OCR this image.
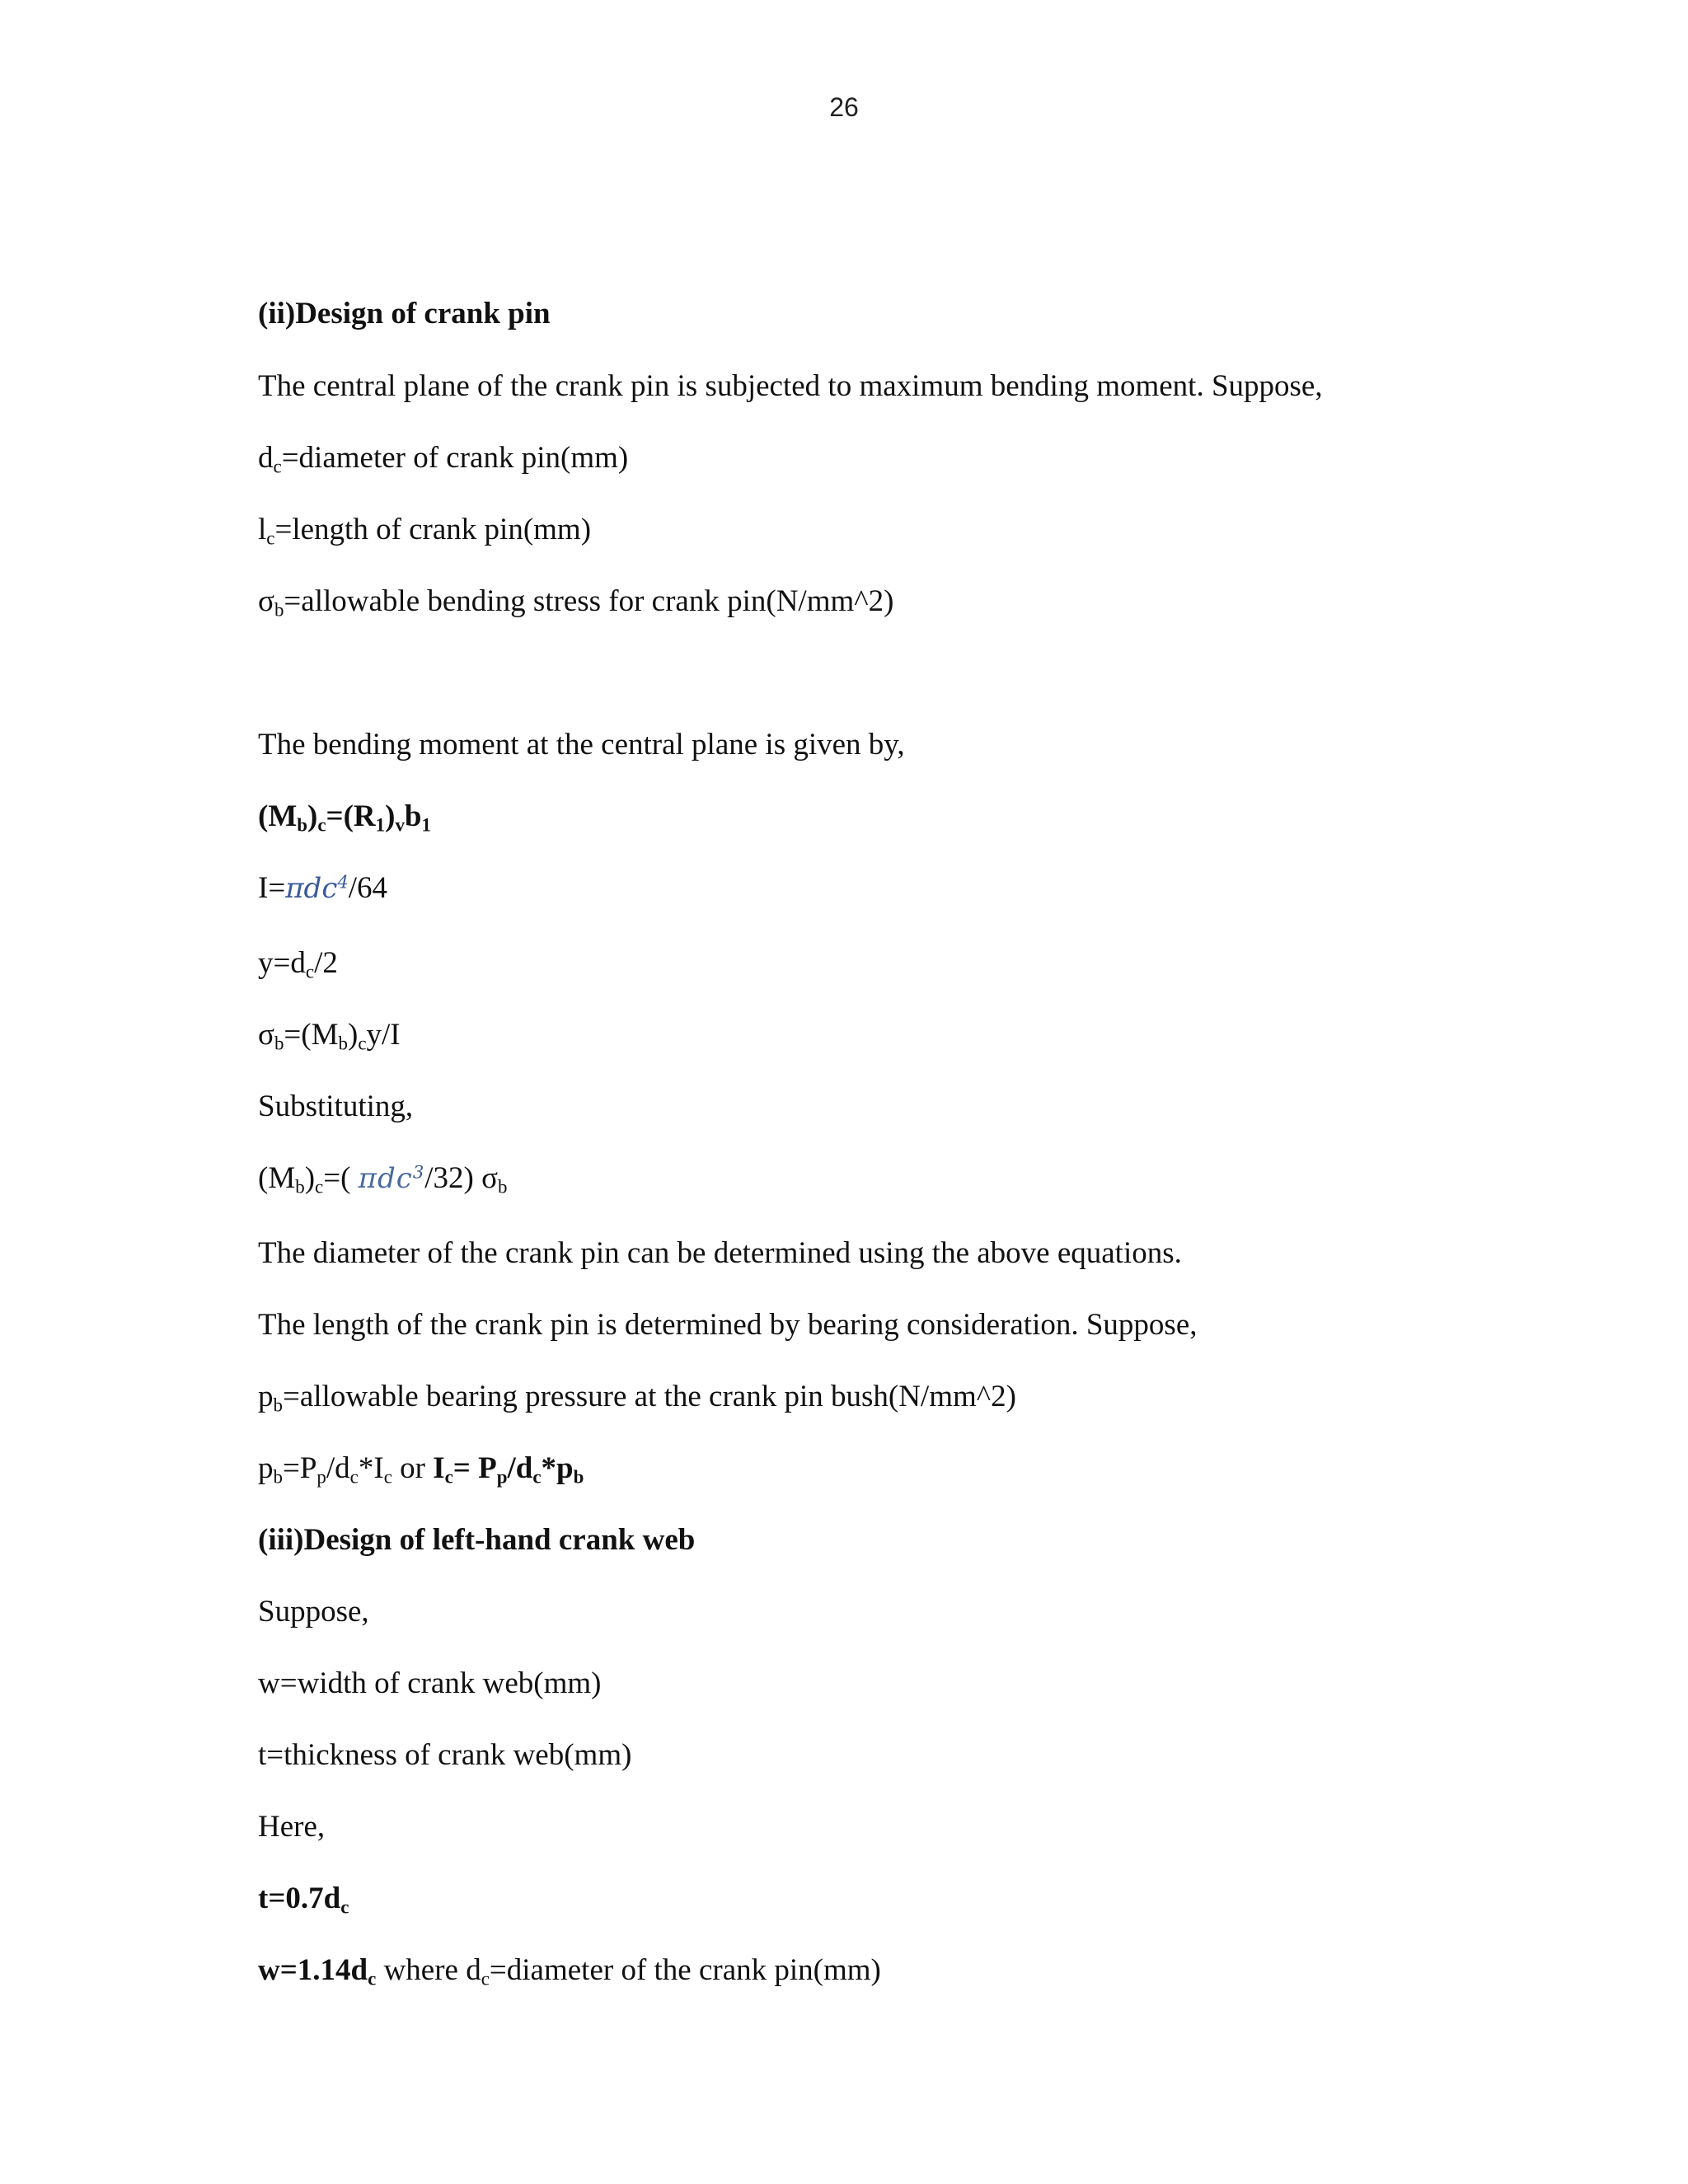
26
(ii)Design of crank pin
The central plane of the crank pin is subjected to maximum bending moment. Suppose,
$d_c=diameter$ of crank pin(mm)
$l_c=length$ of crank pin(mm)
$\sigma_b=allowable$ bending stress for crank pin(N/mm^2)
The bending moment at the central plane is given by,
$(M_b)_c=(R_1)_vb_1$
I=πdc$^4$/64
$y=d_c/2$
$\sigma_b=(M_b)_cy/I$
Substituting,
$(M_b)_c=$( πdc$^3$/32) $\sigma_b$
The diameter of the crank pin can be determined using the above equations.
The length of the crank pin is determined by bearing consideration. Suppose,
$p_b=allowable$ bearing pressure at the crank pin bush(N/mm^2)
$p_b=P_p/d_c*I_c$ or $I_c= P_p/d_c*p_b$
(iii)Design of left-hand crank web
Suppose,
w=width of crank web(mm)
t=thickness of crank web(mm)
Here,
$t=0.7d_c$
$w=1.14d_c$ where $d_c=diameter$ of the crank pin(mm)
